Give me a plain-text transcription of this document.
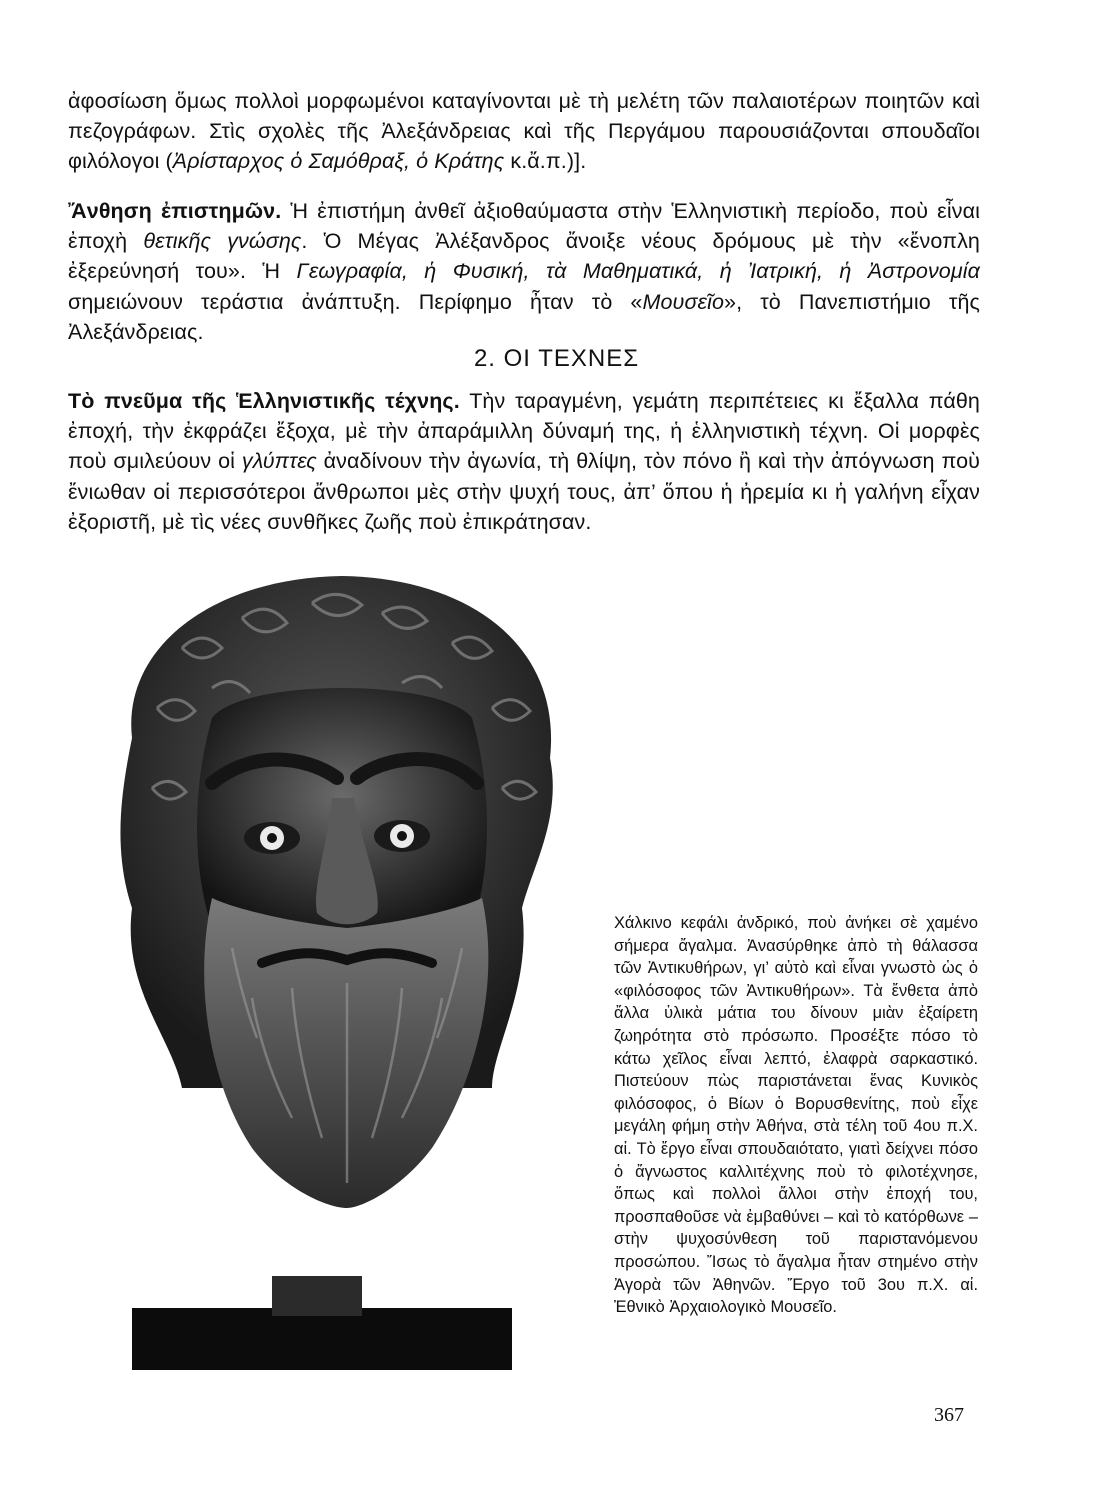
ἀφοσίωση ὅμως πολλοὶ μορφωμένοι καταγίνονται μὲ τὴ μελέτη τῶν παλαιοτέρων ποιητῶν καὶ πεζογράφων. Στὶς σχολὲς τῆς Ἀλεξάνδρειας καὶ τῆς Περγάμου παρουσιάζονται σπουδαῖοι φιλόλογοι (Ἀρίσταρχος ὁ Σαμόθραξ, ὁ Κράτης κ.ἄ.π.)].
Ἄνθηση ἐπιστημῶν. Ἡ ἐπιστήμη ἀνθεῖ ἀξιοθαύμαστα στὴν Ἑλληνιστικὴ περίοδο, ποὺ εἶναι ἐποχὴ θετικῆς γνώσης. Ὁ Μέγας Ἀλέξανδρος ἄνοιξε νέους δρόμους μὲ τὴν «ἔνοπλη ἐξερεύνησή του». Ἡ Γεωγραφία, ἡ Φυσική, τὰ Μαθηματικά, ἡ Ἰατρική, ἡ Ἀστρονομία σημειώνουν τεράστια ἀνάπτυξη. Περίφημο ἦταν τὸ «Μουσεῖο», τὸ Πανεπιστήμιο τῆς Ἀλεξάνδρειας.
2. ΟΙ ΤΕΧΝΕΣ
Τὸ πνεῦμα τῆς Ἑλληνιστικῆς τέχνης. Τὴν ταραγμένη, γεμάτη περιπέτειες κι ἔξαλλα πάθη ἐποχή, τὴν ἐκφράζει ἔξοχα, μὲ τὴν ἀπαράμιλλη δύναμή της, ἡ ἑλληνιστικὴ τέχνη. Οἱ μορφὲς ποὺ σμιλεύουν οἱ γλύπτες ἀναδίνουν τὴν ἀγωνία, τὴ θλίψη, τὸν πόνο ἢ καὶ τὴν ἀπόγνωση ποὺ ἔνιωθαν οἱ περισσότεροι ἄνθρωποι μὲς στὴν ψυχή τους, ἀπ’ ὅπου ἡ ἠρεμία κι ἡ γαλήνη εἶχαν ἐξοριστῆ, μὲ τὶς νέες συνθῆκες ζωῆς ποὺ ἐπικράτησαν.
Χάλκινο κεφάλι ἀνδρικό, ποὺ ἀνήκει σὲ χαμένο σήμερα ἄγαλμα. Ἀνασύρθηκε ἀπὸ τὴ θάλασσα τῶν Ἀντικυθήρων, γι’ αὐτὸ καὶ εἶναι γνωστὸ ὡς ὁ «φιλόσοφος τῶν Ἀντικυθήρων». Τὰ ἔνθετα ἀπὸ ἄλλα ὑλικὰ μάτια του δίνουν μιὰν ἐξαίρετη ζωηρότητα στὸ πρόσωπο. Προσέξτε πόσο τὸ κάτω χεῖλος εἶναι λεπτό, ἐλαφρὰ σαρκαστικό. Πιστεύουν πὼς παριστάνεται ἕνας Κυνικὸς φιλόσοφος, ὁ Βίων ὁ Βορυσθενίτης, ποὺ εἶχε μεγάλη φήμη στὴν Ἀθήνα, στὰ τέλη τοῦ 4ου π.Χ. αἰ. Τὸ ἔργο εἶναι σπουδαιότατο, γιατὶ δείχνει πόσο ὁ ἄγνωστος καλλιτέχνης ποὺ τὸ φιλοτέχνησε, ὅπως καὶ πολλοὶ ἄλλοι στὴν ἐποχή του, προσπαθοῦσε νὰ ἐμβαθύνει – καὶ τὸ κατόρθωνε – στὴν ψυχοσύνθεση τοῦ παριστανόμενου προσώπου. Ἴσως τὸ ἄγαλμα ἦταν στημένο στὴν Ἀγορὰ τῶν Ἀθηνῶν. Ἔργο τοῦ 3ου π.Χ. αἰ. Ἐθνικὸ Ἀρχαιολογικὸ Μουσεῖο.
367
